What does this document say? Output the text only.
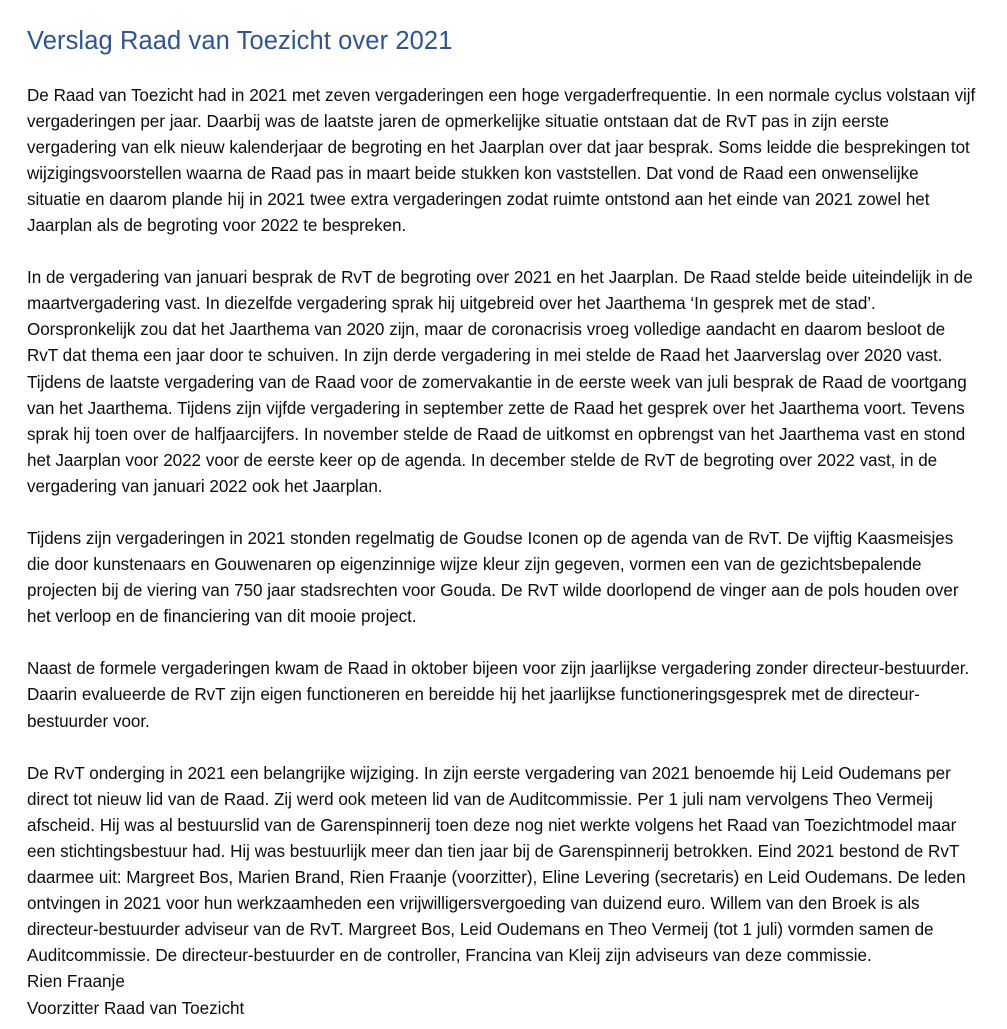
Verslag Raad van Toezicht over 2021

De Raad van Toezicht had in 2021 met zeven vergaderingen een hoge vergaderfrequentie. In een normale cyclus volstaan vijf vergaderingen per jaar. Daarbij was de laatste jaren de opmerkelijke situatie ontstaan dat de RvT pas in zijn eerste vergadering van elk nieuw kalenderjaar de begroting en het Jaarplan over dat jaar besprak. Soms leidde die besprekingen tot wijzigingsvoorstellen waarna de Raad pas in maart beide stukken kon vaststellen. Dat vond de Raad een onwenselijke situatie en daarom plande hij in 2021 twee extra vergaderingen zodat ruimte ontstond aan het einde van 2021 zowel het Jaarplan als de begroting voor 2022 te bespreken.

In de vergadering van januari besprak de RvT de begroting over 2021 en het Jaarplan. De Raad stelde beide uiteindelijk in de maartvergadering vast. In diezelfde vergadering sprak hij uitgebreid over het Jaarthema ‘In gesprek met de stad’. Oorspronkelijk zou dat het Jaarthema van 2020 zijn, maar de coronacrisis vroeg volledige aandacht en daarom besloot de RvT dat thema een jaar door te schuiven. In zijn derde vergadering in mei stelde de Raad het Jaarverslag over 2020 vast. Tijdens de laatste vergadering van de Raad voor de zomervakantie in de eerste week van juli besprak de Raad de voortgang van het Jaarthema. Tijdens zijn vijfde vergadering in september zette de Raad het gesprek over het Jaarthema voort. Tevens sprak hij toen over de halfjaarcijfers. In november stelde de Raad de uitkomst en opbrengst van het Jaarthema vast en stond het Jaarplan voor 2022 voor de eerste keer op de agenda. In december stelde de RvT de begroting over 2022 vast, in de vergadering van januari 2022 ook het Jaarplan.

Tijdens zijn vergaderingen in 2021 stonden regelmatig de Goudse Iconen op de agenda van de RvT. De vijftig Kaasmeisjes die door kunstenaars en Gouwenaren op eigenzinnige wijze kleur zijn gegeven, vormen een van de gezichtsbepalende projecten bij de viering van 750 jaar stadsrechten voor Gouda. De RvT wilde doorlopend de vinger aan de pols houden over het verloop en de financiering van dit mooie project.

Naast de formele vergaderingen kwam de Raad in oktober bijeen voor zijn jaarlijkse vergadering zonder directeur-bestuurder. Daarin evalueerde de RvT zijn eigen functioneren en bereidde hij het jaarlijkse functioneringsgesprek met de directeur-bestuurder voor.

De RvT onderging in 2021 een belangrijke wijziging. In zijn eerste vergadering van 2021 benoemde hij Leid Oudemans per direct tot nieuw lid van de Raad. Zij werd ook meteen lid van de Auditcommissie. Per 1 juli nam vervolgens Theo Vermeij afscheid. Hij was al bestuurslid van de Garenspinnerij toen deze nog niet werkte volgens het Raad van Toezichtmodel maar een stichtingsbestuur had. Hij was bestuurlijk meer dan tien jaar bij de Garenspinnerij betrokken. Eind 2021 bestond de RvT daarmee uit: Margreet Bos, Marien Brand, Rien Fraanje (voorzitter), Eline Levering (secretaris) en Leid Oudemans. De leden ontvingen in 2021 voor hun werkzaamheden een vrijwilligersvergoeding van duizend euro. Willem van den Broek is als directeur-bestuurder adviseur van de RvT. Margreet Bos, Leid Oudemans en Theo Vermeij (tot 1 juli) vormden samen de Auditcommissie. De directeur-bestuurder en de controller, Francina van Kleij zijn adviseurs van deze commissie.

Rien Fraanje
Voorzitter Raad van Toezicht
